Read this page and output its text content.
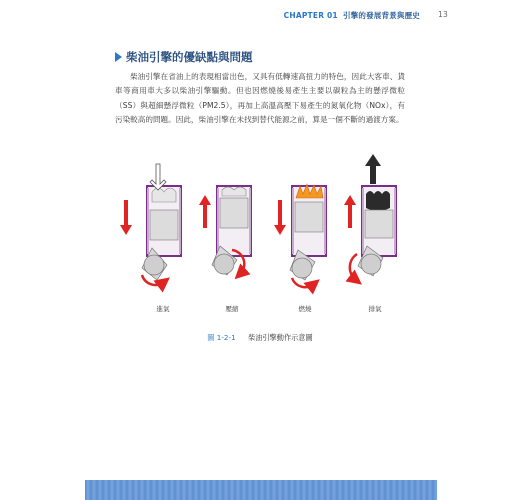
CHAPTER 01 引擎的發展背景與歷史 13
柴油引擎的優缺點與問題

柴油引擎在省油上的表現相當出色，又具有低轉速高扭力的特色，因此大客車、貨車等商用車大多以柴油引擎驅動。但也因燃燒後易產生主要以碳粒為主的懸浮微粒（SS）與超細懸浮微粒（PM2.5），再加上高溫高壓下易產生的氮氧化物（NOx），有污染較高的問題。因此，柴油引擎在未找到替代能源之前，算是一個不斷的過渡方案。

進氣	壓縮	燃燒	排氣
圖 1-2-1 柴油引擎動作示意圖
